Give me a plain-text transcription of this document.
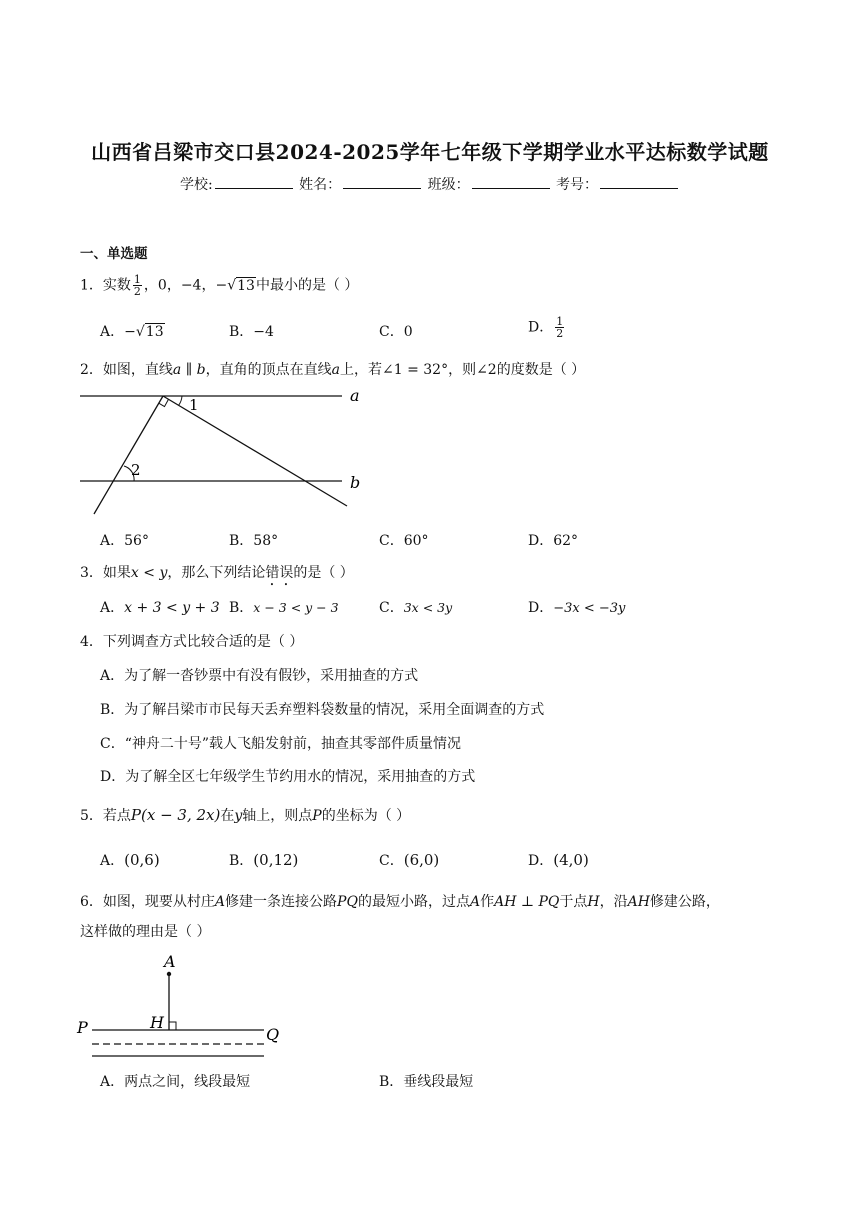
山西省吕梁市交口县2024-2025学年七年级下学期学业水平达标数学试题
学校:	姓名：	班级：	考号：
一、单选题
1．实数 $\frac{1}{2}$ ，0，−4，−√13中最小的是（ ）
A．−√13	B．−4	C．0	D． $\frac{1}{2}$
2．如图，直线a ∥ b，直角的顶点在直线a上，若∠1 = 32°，则∠2的度数是（ ）
a
b
1
2
A．56°	B．58°	C．60°	D．62°
3．如果x < y，那么下列结论错误的是（ ）
A．x + 3 < y + 3 B．x − 3 < y − 3	C．3x < 3y	D．−3x < −3y
4．下列调查方式比较合适的是（ ）
A．为了解一沓钞票中有没有假钞，采用抽查的方式
B．为了解吕梁市市民每天丢弃塑料袋数量的情况，采用全面调查的方式
C．“神舟二十号”载人飞船发射前，抽查其零部件质量情况
D．为了解全区七年级学生节约用水的情况，采用抽查的方式
5．若点P(x − 3, 2x)在y轴上，则点P的坐标为（ ）
A．(0,6)	B．(0,12)	C．(6,0)	D．(4,0)
6．如图，现要从村庄A修建一条连接公路PQ的最短小路，过点A作AH ⊥ PQ于点H，沿AH修建公路，
这样做的理由是（ ）
A
H
P	Q
A．两点之间，线段最短	B．垂线段最短
